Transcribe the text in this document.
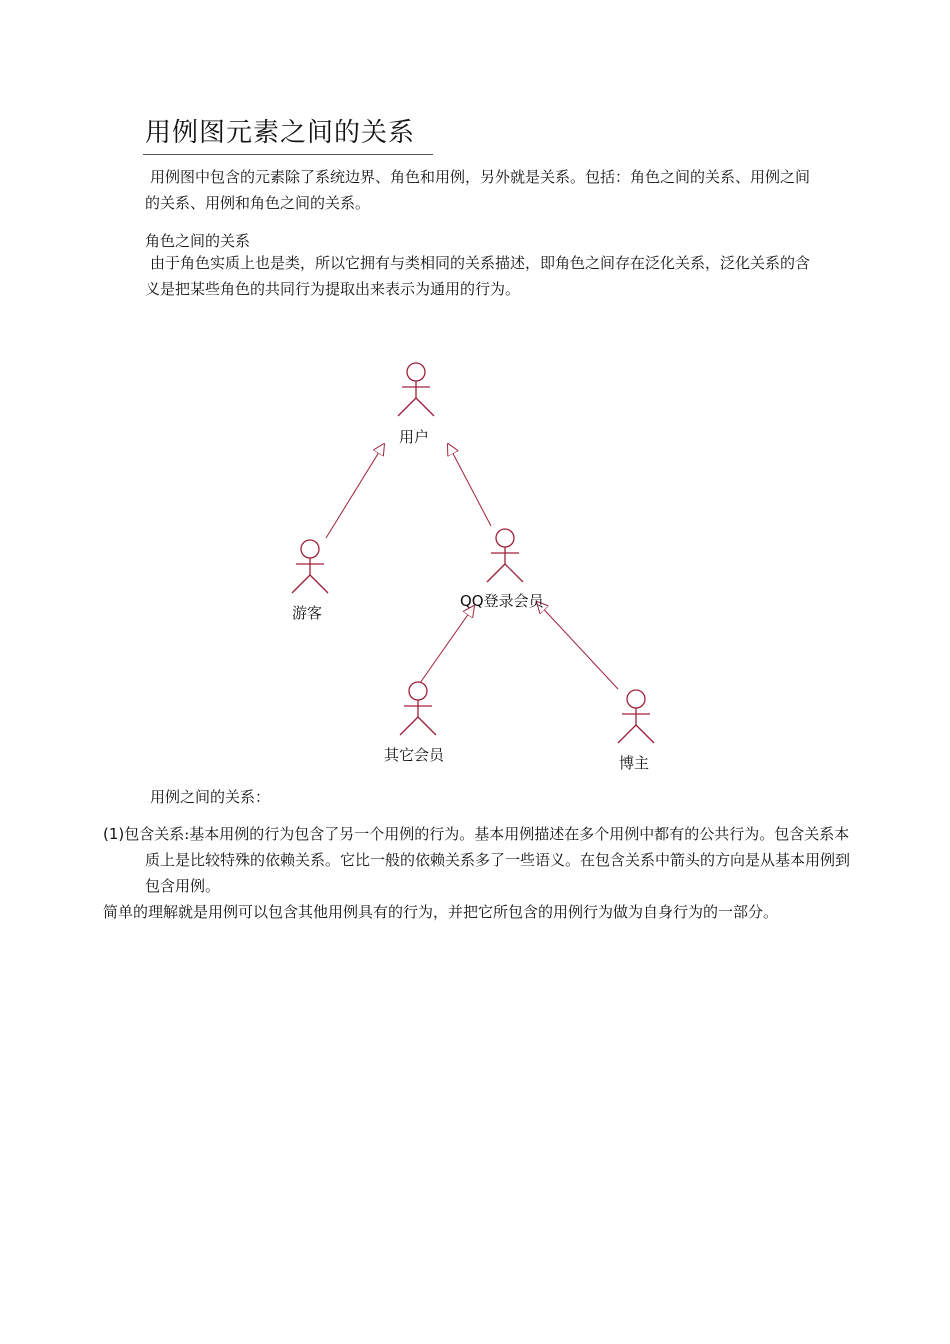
用例图元素之间的关系

用例图中包含的元素除了系统边界、角色和用例，另外就是关系。包括：角色之间的关系、用例之间的关系、用例和角色之间的关系。

角色之间的关系

由于角色实质上也是类，所以它拥有与类相同的关系描述，即角色之间存在泛化关系，泛化关系的含义是把某些角色的共同行为提取出来表示为通用的行为。

用户
游客
QQ登录会员
其它会员	博主

用例之间的关系：

(1)包含关系:基本用例的行为包含了另一个用例的行为。基本用例描述在多个用例中都有的公共行为。包含关系本质上是比较特殊的依赖关系。它比一般的依赖关系多了一些语义。在包含关系中箭头的方向是从基本用例到包含用例。

简单的理解就是用例可以包含其他用例具有的行为，并把它所包含的用例行为做为自身行为的一部分。
